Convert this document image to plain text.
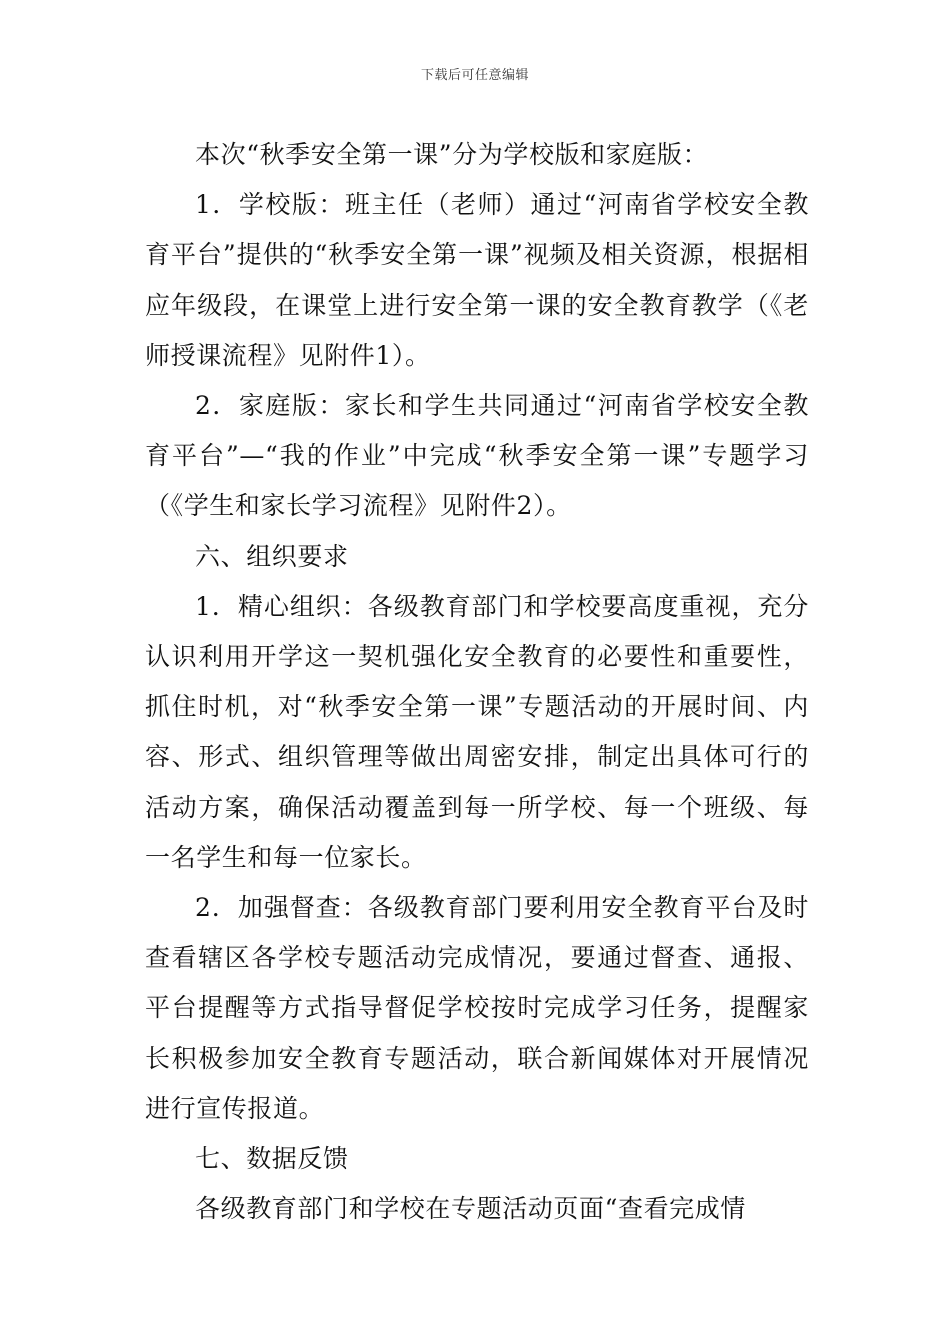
下载后可任意编辑

本次“秋季安全第一课”分为学校版和家庭版：

1．学校版：班主任（老师）通过“河南省学校安全教育平台”提供的“秋季安全第一课”视频及相关资源，根据相应年级段，在课堂上进行安全第一课的安全教育教学（《老师授课流程》见附件1）。

2．家庭版：家长和学生共同通过“河南省学校安全教育平台”—“我的作业”中完成“秋季安全第一课”专题学习（《学生和家长学习流程》见附件2）。

六、组织要求

1．精心组织：各级教育部门和学校要高度重视，充分认识利用开学这一契机强化安全教育的必要性和重要性，抓住时机，对“秋季安全第一课”专题活动的开展时间、内容、形式、组织管理等做出周密安排，制定出具体可行的活动方案，确保活动覆盖到每一所学校、每一个班级、每一名学生和每一位家长。

2．加强督查：各级教育部门要利用安全教育平台及时查看辖区各学校专题活动完成情况，要通过督查、通报、平台提醒等方式指导督促学校按时完成学习任务，提醒家长积极参加安全教育专题活动，联合新闻媒体对开展情况进行宣传报道。

七、数据反馈

各级教育部门和学校在专题活动页面“查看完成情
